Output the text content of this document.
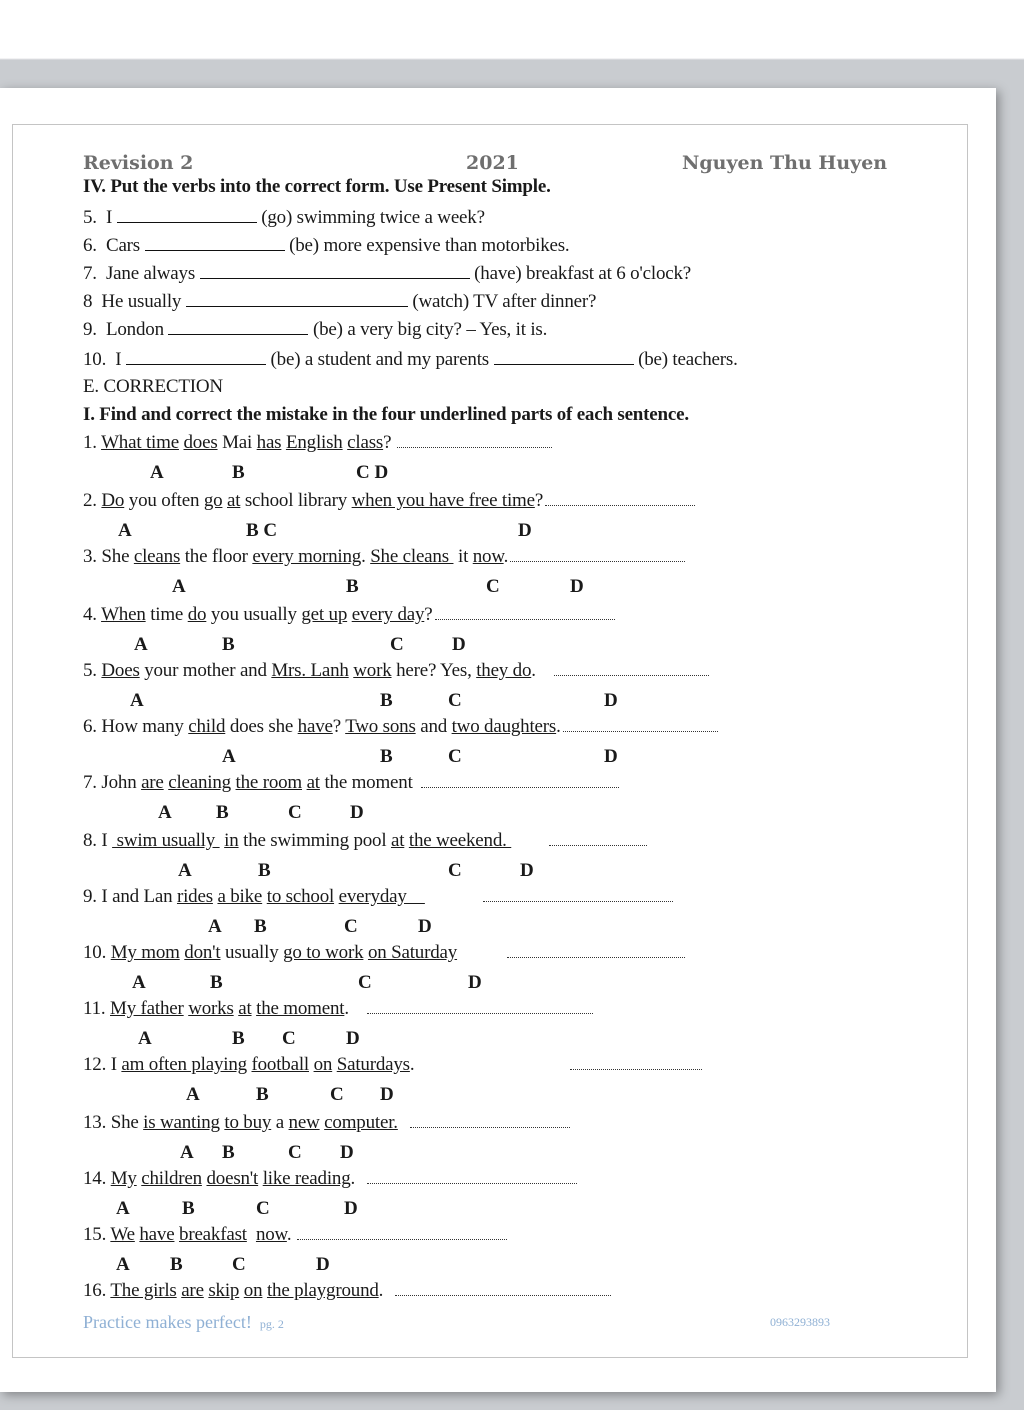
Revision 2	2021	Nguyen Thu Huyen
IV. Put the verbs into the correct form. Use Present Simple.
5. I	(go) swimming twice a week?
6. Cars	(be) more expensive than motorbikes.
7. Jane always	(have) breakfast at 6 o'clock?
8 He usually	(watch) TV after dinner?
9. London	(be) a very big city? – Yes, it is.
10. I	(be) a student and my parents	(be) teachers.
E. CORRECTION
I. Find and correct the mistake in the four underlined parts of each sentence.
1. What time does Mai has English class?
A	B	C D
2. Do you often go at school library when you have free time?
A	B C	D
3. She cleans the floor every morning. She cleans  it now.
A	B	C	D
4. When time do you usually get up every day?
A	B	C	D
5. Does your mother and Mrs. Lanh work here? Yes, they do.
A	B	C	D
6. How many child does she have? Two sons and two daughters.
A	B	C	D
7. John are cleaning the room at the moment
A B	C	D
8. I  swim usually  in the swimming pool at the weekend.
A	B	C	D
9. I and Lan rides a bike to school everyday
A B	C	D
10. My mom don't usually go to work on Saturday
A	B	C	D
11. My father works at the moment.
A	B C	D
12. I am often playing football on Saturdays.
A	B	C D
13. She is wanting to buy a new computer.
A B	C D
14. My children doesn't like reading.
A	B	C	D
15. We have breakfast now.
A B	C	D
16. The girls are skip on the playground.
Practice makes perfect! pg. 2	0963293893
